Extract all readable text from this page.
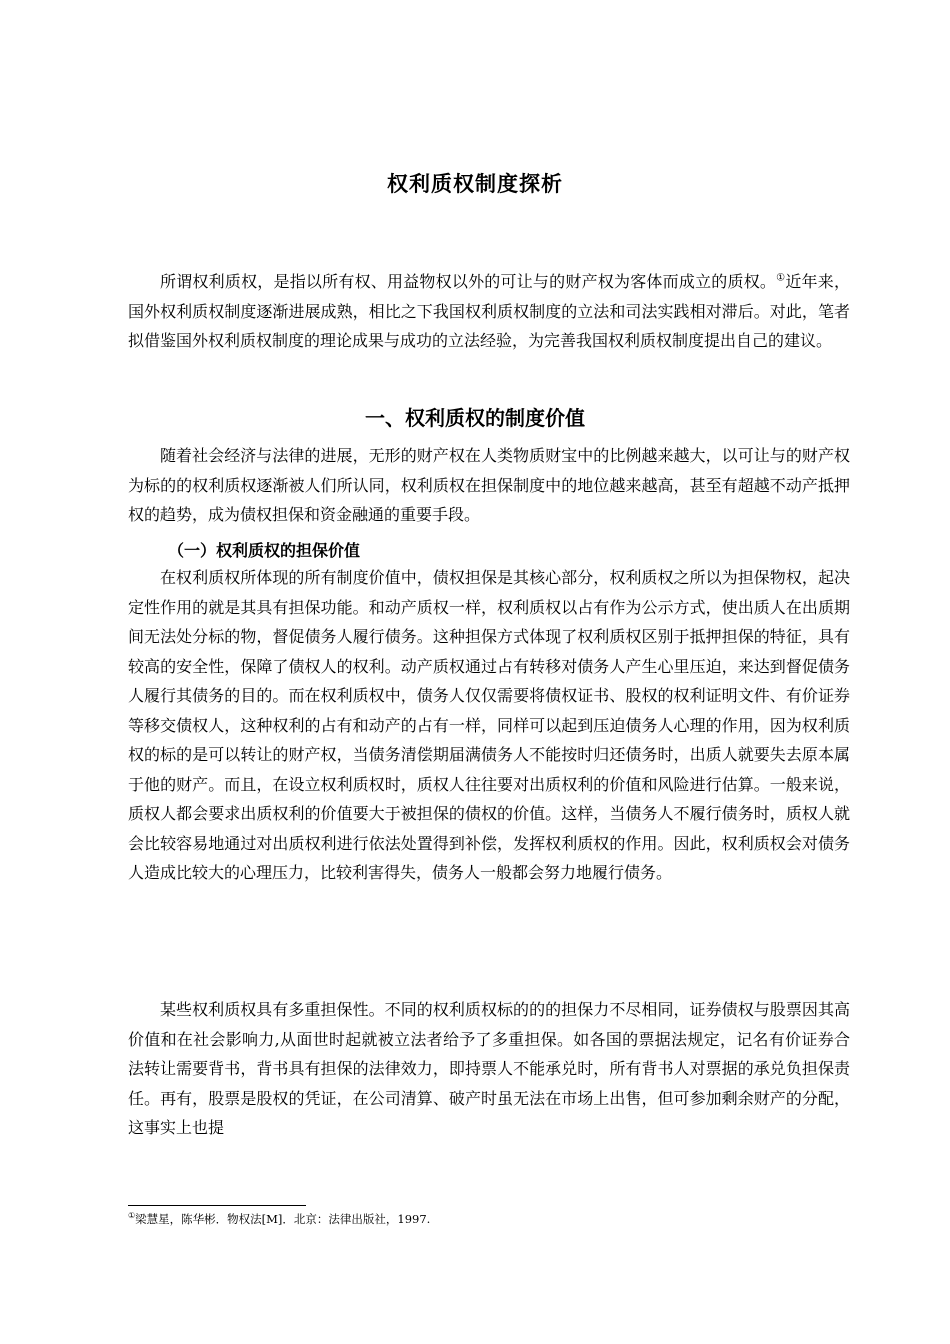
权利质权制度探析

所谓权利质权，是指以所有权、用益物权以外的可让与的财产权为客体而成立的质权。①近年来，国外权利质权制度逐渐进展成熟，相比之下我国权利质权制度的立法和司法实践相对滞后。对此，笔者拟借鉴国外权利质权制度的理论成果与成功的立法经验，为完善我国权利质权制度提出自己的建议。

一、权利质权的制度价值

随着社会经济与法律的进展，无形的财产权在人类物质财宝中的比例越来越大，以可让与的财产权为标的的权利质权逐渐被人们所认同，权利质权在担保制度中的地位越来越高，甚至有超越不动产抵押权的趋势，成为债权担保和资金融通的重要手段。

（一）权利质权的担保价值

在权利质权所体现的所有制度价值中，债权担保是其核心部分，权利质权之所以为担保物权，起决定性作用的就是其具有担保功能。和动产质权一样，权利质权以占有作为公示方式，使出质人在出质期间无法处分标的物，督促债务人履行债务。这种担保方式体现了权利质权区别于抵押担保的特征，具有较高的安全性，保障了债权人的权利。动产质权通过占有转移对债务人产生心里压迫，来达到督促债务人履行其债务的目的。而在权利质权中，债务人仅仅需要将债权证书、股权的权利证明文件、有价证券等移交债权人，这种权利的占有和动产的占有一样，同样可以起到压迫债务人心理的作用，因为权利质权的标的是可以转让的财产权，当债务清偿期届满债务人不能按时归还债务时，出质人就要失去原本属于他的财产。而且，在设立权利质权时，质权人往往要对出质权利的价值和风险进行估算。一般来说，质权人都会要求出质权利的价值要大于被担保的债权的价值。这样，当债务人不履行债务时，质权人就会比较容易地通过对出质权利进行依法处置得到补偿，发挥权利质权的作用。因此，权利质权会对债务人造成比较大的心理压力，比较利害得失，债务人一般都会努力地履行债务。

某些权利质权具有多重担保性。不同的权利质权标的的的担保力不尽相同，证券债权与股票因其高价值和在社会影响力,从面世时起就被立法者给予了多重担保。如各国的票据法规定，记名有价证券合法转让需要背书，背书具有担保的法律效力，即持票人不能承兑时，所有背书人对票据的承兑负担保责任。再有，股票是股权的凭证，在公司清算、破产时虽无法在市场上出售，但可参加剩余财产的分配，这事实上也提

①梁慧星，陈华彬．物权法[M]．北京：法律出版社，1997.
